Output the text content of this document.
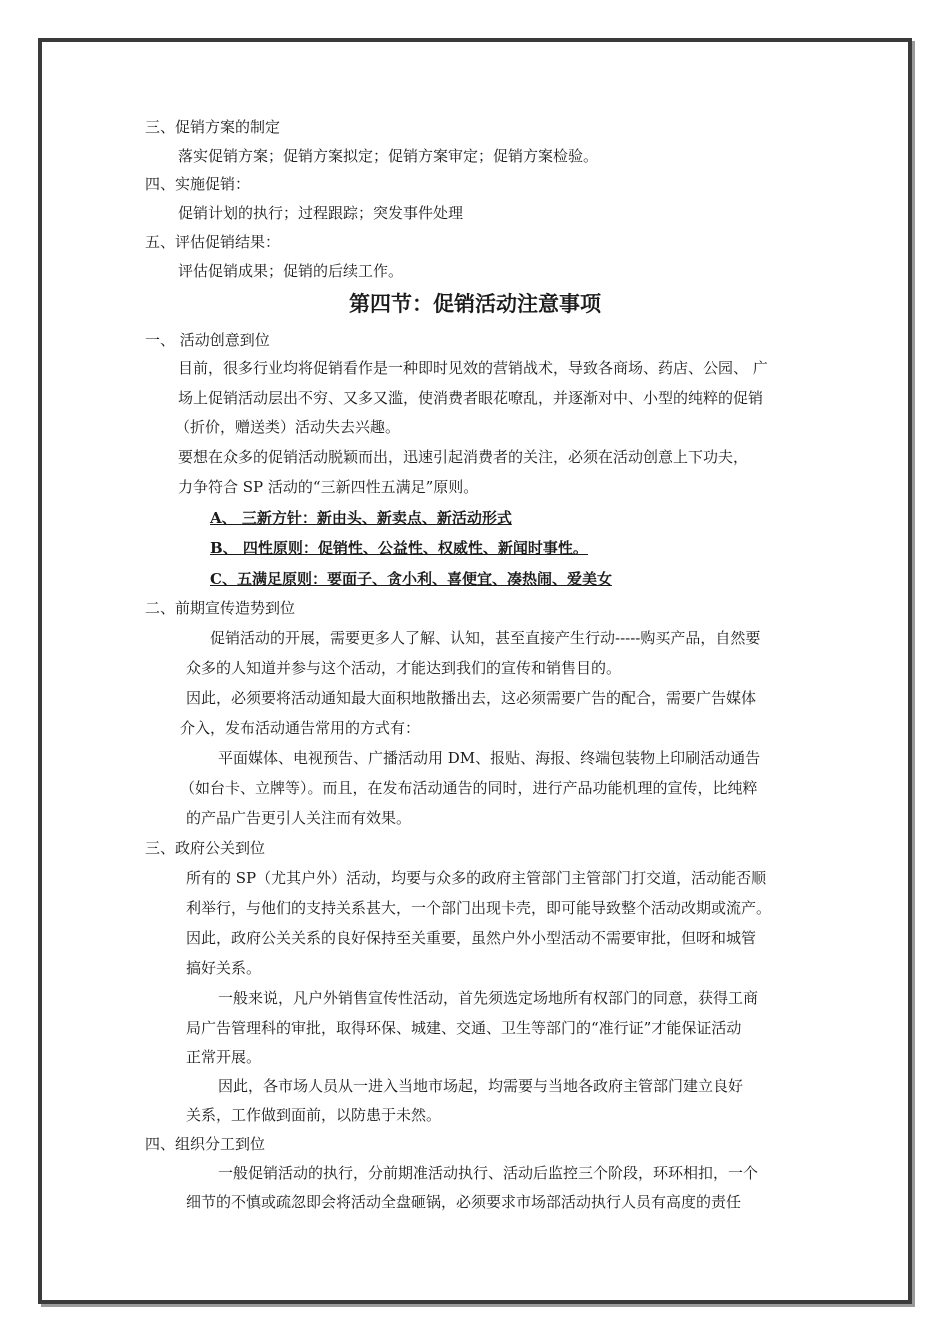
三、促销方案的制定
落实促销方案；促销方案拟定；促销方案审定；促销方案检验。
四、实施促销：
促销计划的执行；过程跟踪；突发事件处理
五、评估促销结果：
评估促销成果；促销的后续工作。
第四节：促销活动注意事项
一、 活动创意到位
目前，很多行业均将促销看作是一种即时见效的营销战术，导致各商场、药店、公园、 广
场上促销活动层出不穷、又多又滥，使消费者眼花嘹乱，并逐渐对中、小型的纯粹的促销
（折价，赠送类）活动失去兴趣。
要想在众多的促销活动脱颖而出，迅速引起消费者的关注，必须在活动创意上下功夫，
力争符合 SP 活动的“三新四性五满足”原则。
A、 三新方针：新由头、新卖点、新活动形式
B、 四性原则：促销性、公益性、权威性、新闻时事性。
C、五满足原则：要面子、贪小利、喜便宜、凑热闹、爱美女
二、前期宣传造势到位
促销活动的开展，需要更多人了解、认知，甚至直接产生行动-----购买产品，自然要
众多的人知道并参与这个活动，才能达到我们的宣传和销售目的。
因此，必须要将活动通知最大面积地散播出去，这必须需要广告的配合，需要广告媒体
介入，发布活动通告常用的方式有：
平面媒体、电视预告、广播活动用 DM、报贴、海报、终端包装物上印刷活动通告
（如台卡、立牌等）。而且，在发布活动通告的同时，进行产品功能机理的宣传，比纯粹
的产品广告更引人关注而有效果。
三、政府公关到位
所有的 SP（尤其户外）活动，均要与众多的政府主管部门主管部门打交道，活动能否顺
利举行，与他们的支持关系甚大，一个部门出现卡壳，即可能导致整个活动改期或流产。
因此，政府公关关系的良好保持至关重要，虽然户外小型活动不需要审批，但呀和城管
搞好关系。
一般来说，凡户外销售宣传性活动，首先须选定场地所有权部门的同意，获得工商
局广告管理科的审批，取得环保、城建、交通、卫生等部门的“准行证”才能保证活动
正常开展。
因此，各市场人员从一进入当地市场起，均需要与当地各政府主管部门建立良好
关系，工作做到面前，以防患于未然。
四、组织分工到位
一般促销活动的执行，分前期准活动执行、活动后监控三个阶段，环环相扣，一个
细节的不慎或疏忽即会将活动全盘砸锅，必须要求市场部活动执行人员有高度的责任
